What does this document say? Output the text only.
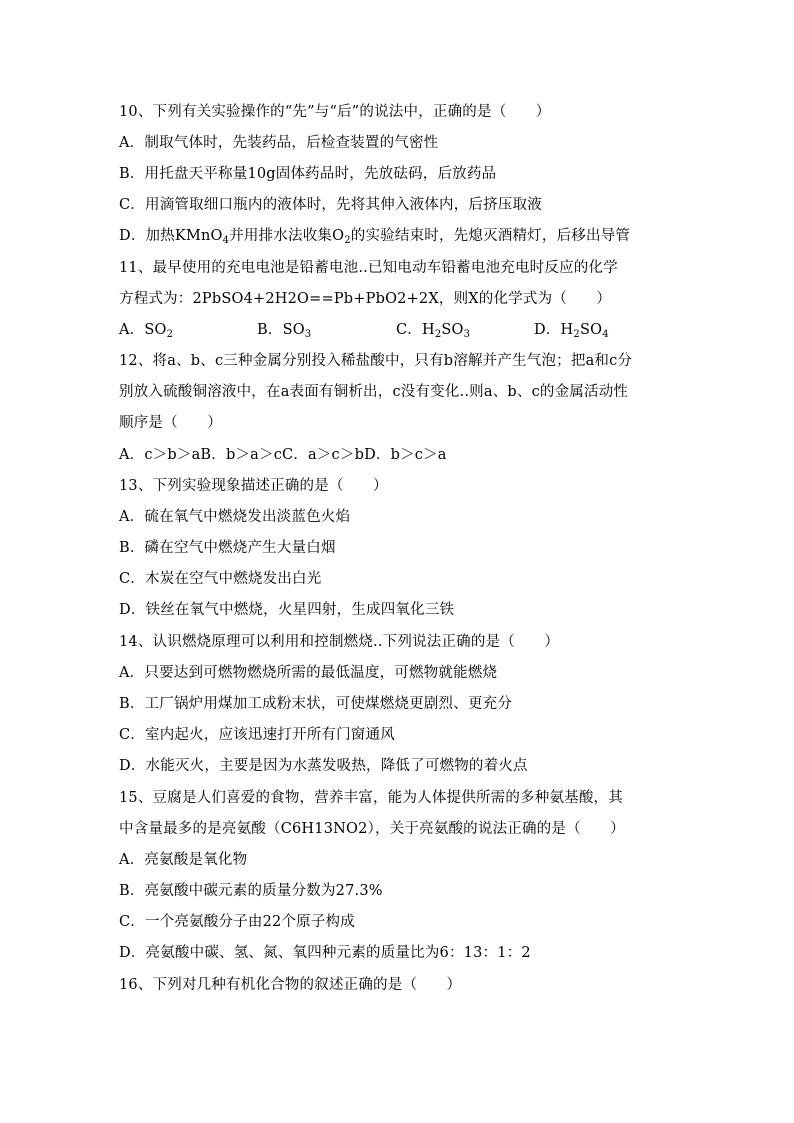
10、下列有关实验操作的“先”与“后”的说法中，正确的是（　　）
A．制取气体时，先装药品，后检查装置的气密性
B．用托盘天平称量10g固体药品时，先放砝码，后放药品
C．用滴管取细口瓶内的液体时，先将其伸入液体内，后挤压取液
D．加热KMnO$_4$并用排水法收集$O_2$的实验结束时，先熄灭酒精灯，后移出导管
11、最早使用的充电电池是铅蓄电池..已知电动车铅蓄电池充电时反应的化学
方程式为：2PbSO4+2H2O==Pb+PbO2+2X，则X的化学式为（　　）
A．$SO_2$	B．$SO_3$	C．$H_2SO_3$	D．$H_2SO_4$
12、将a、b、c三种金属分别投入稀盐酸中，只有b溶解并产生气泡；把a和c分
别放入硫酸铜溶液中，在a表面有铜析出，c没有变化..则a、b、c的金属活动性
顺序是（　　）
A．c＞b＞aB．b＞a＞cC．a＞c＞bD．b＞c＞a
13、下列实验现象描述正确的是（　　）
A．硫在氧气中燃烧发出淡蓝色火焰
B．磷在空气中燃烧产生大量白烟
C．木炭在空气中燃烧发出白光
D．铁丝在氧气中燃烧，火星四射，生成四氧化三铁
14、认识燃烧原理可以利用和控制燃烧..下列说法正确的是（　　）
A．只要达到可燃物燃烧所需的最低温度，可燃物就能燃烧
B．工厂锅炉用煤加工成粉末状，可使煤燃烧更剧烈、更充分
C．室内起火，应该迅速打开所有门窗通风
D．水能灭火，主要是因为水蒸发吸热，降低了可燃物的着火点
15、豆腐是人们喜爱的食物，营养丰富，能为人体提供所需的多种氨基酸，其
中含量最多的是亮氨酸（C6H13NO2），关于亮氨酸的说法正确的是（　　）
A．亮氨酸是氧化物
B．亮氨酸中碳元素的质量分数为27.3%
C．一个亮氨酸分子由22个原子构成
D．亮氨酸中碳、氢、氮、氧四种元素的质量比为6：13：1：2
16、下列对几种有机化合物的叙述正确的是（　　）
